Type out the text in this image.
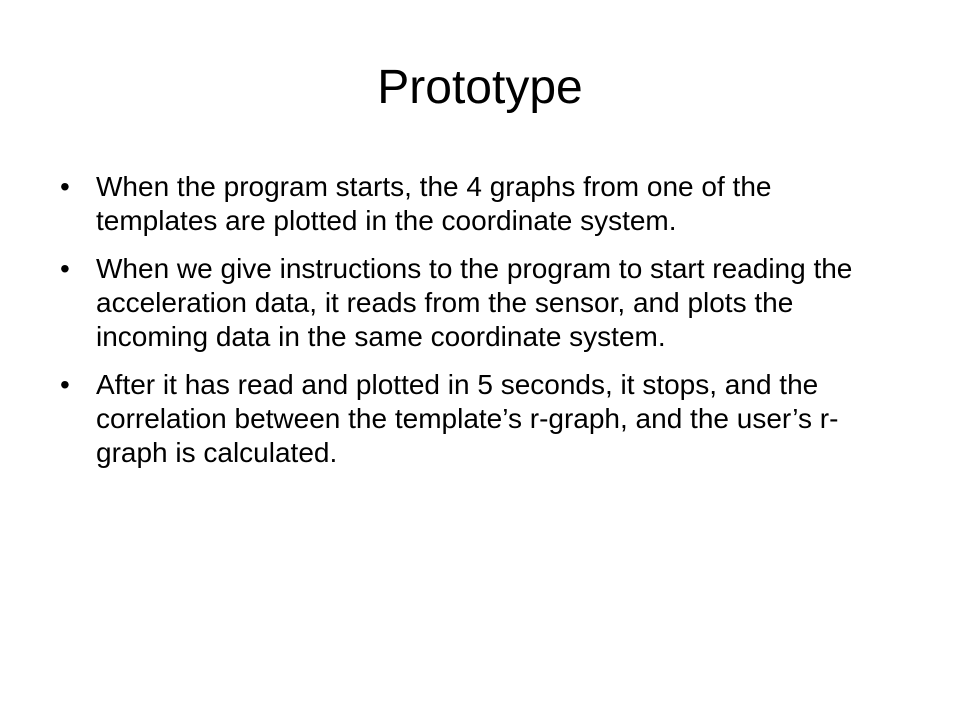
Prototype
• When the program starts, the 4 graphs from one of the templates are plotted in the coordinate system.
• When we give instructions to the program to start reading the acceleration data, it reads from the sensor, and plots the incoming data in the same coordinate system.
• After it has read and plotted in 5 seconds, it stops, and the correlation between the template’s r-graph, and the user’s r-graph is calculated.
